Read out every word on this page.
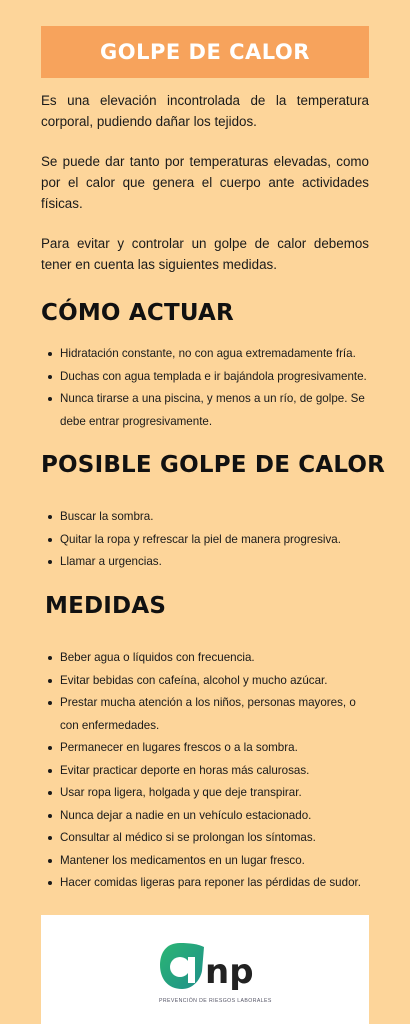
GOLPE DE CALOR

Es una elevación incontrolada de la temperatura corporal, pudiendo dañar los tejidos.

Se puede dar tanto por temperaturas elevadas, como por el calor que genera el cuerpo ante actividades físicas.

Para evitar y controlar un golpe de calor debemos tener en cuenta las siguientes medidas.

CÓMO ACTUAR
Hidratación constante, no con agua extremadamente fría.
Duchas con agua templada e ir bajándola progresivamente.
Nunca tirarse a una piscina, y menos a un río, de golpe. Se debe entrar progresivamente.
POSIBLE GOLPE DE CALOR
Buscar la sombra.
Quitar la ropa y refrescar la piel de manera progresiva.
Llamar a urgencias.
MEDIDAS
Beber agua o líquidos con frecuencia.
Evitar bebidas con cafeína, alcohol y mucho azúcar.
Prestar mucha atención a los niños, personas mayores, o con enfermedades.
Permanecer en lugares frescos o a la sombra.
Evitar practicar deporte en horas más calurosas.
Usar ropa ligera, holgada y que deje transpirar.
Nunca dejar a nadie en un vehículo estacionado.
Consultar al médico si se prolongan los síntomas.
Mantener los medicamentos en un lugar fresco.
Hacer comidas ligeras para reponer las pérdidas de sudor.
np
PREVENCIÓN DE RIESGOS LABORALES
